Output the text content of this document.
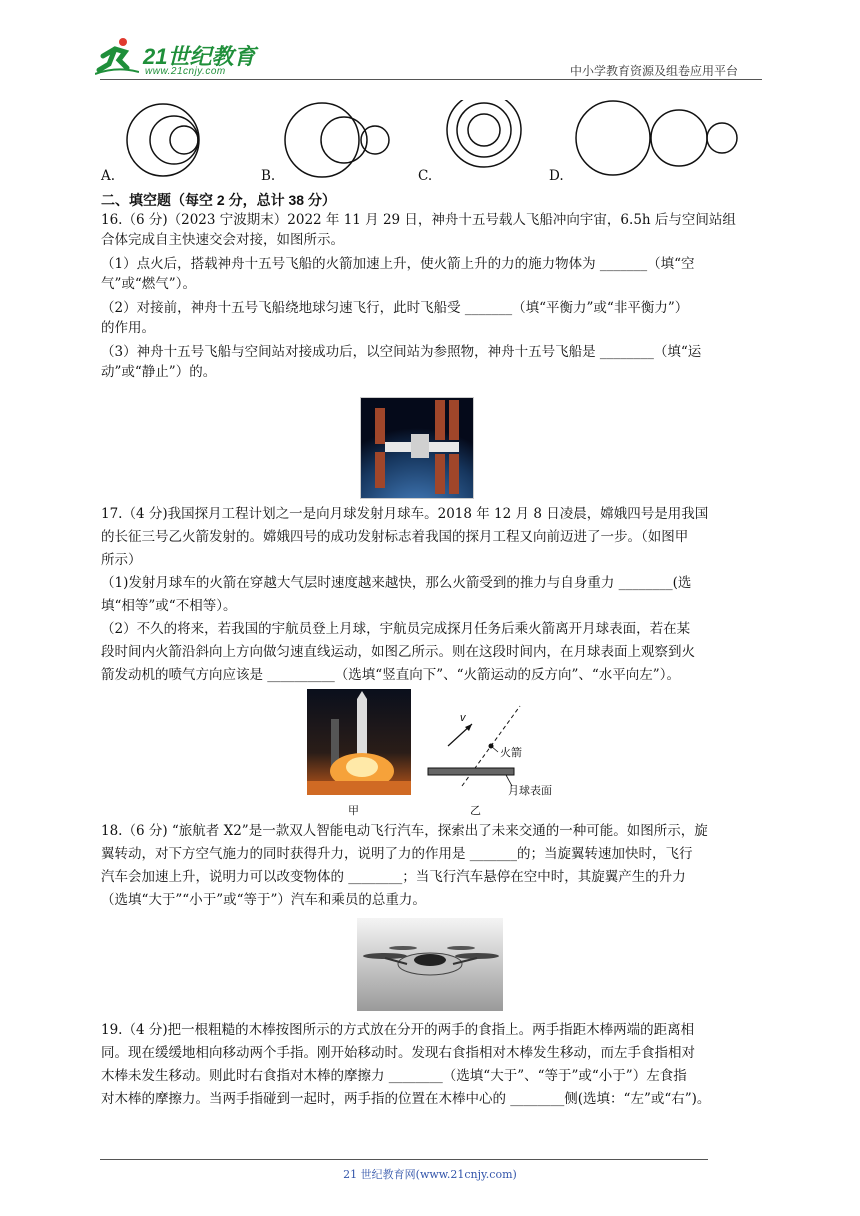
21世纪教育
www.21cnjy.com	中小学教育资源及组卷应用平台
A.	B.	C.	D.
二、填空题（每空 2 分，总计 38 分）
16.（6 分)（2023 宁波期末）2022 年 11 月 29 日，神舟十五号载人飞船冲向宇宙，6.5h 后与空间站组
合体完成自主快速交会对接，如图所示。
（1）点火后，搭载神舟十五号飞船的火箭加速上升，使火箭上升的力的施力物体为 _______（填“空
气”或“燃气”）。
（2）对接前，神舟十五号飞船绕地球匀速飞行，此时飞船受 _______（填“平衡力”或“非平衡力”）
的作用。
（3）神舟十五号飞船与空间站对接成功后，以空间站为参照物，神舟十五号飞船是 ________（填“运
动”或“静止”）的。
17.（4 分)我国探月工程计划之一是向月球发射月球车。2018 年 12 月 8 日凌晨，嫦娥四号是用我国
的长征三号乙火箭发射的。嫦娥四号的成功发射标志着我国的探月工程又向前迈进了一步。（如图甲
所示）
（1)发射月球车的火箭在穿越大气层时速度越来越快，那么火箭受到的推力与自身重力 ________(选
填“相等”或“不相等）。
（2）不久的将来，若我国的宇航员登上月球，宇航员完成探月任务后乘火箭离开月球表面，若在某
段时间内火箭沿斜向上方向做匀速直线运动，如图乙所示。则在这段时间内，在月球表面上观察到火
箭发动机的喷气方向应该是 __________（选填“竖直向下”、“火箭运动的反方向”、“水平向左”）。
甲
v
火箭
月球表面
乙
18.（6 分) “旅航者 X2”是一款双人智能电动飞行汽车，探索出了未来交通的一种可能。如图所示，旋
翼转动，对下方空气施力的同时获得升力，说明了力的作用是 _______的；当旋翼转速加快时，飞行
汽车会加速上升，说明力可以改变物体的 ________；当飞行汽车悬停在空中时，其旋翼产生的升力
（选填“大于”“小于”或“等于”）汽车和乘员的总重力。
19.（4 分)把一根粗糙的木棒按图所示的方式放在分开的两手的食指上。两手指距木棒两端的距离相
同。现在缓缓地相向移动两个手指。刚开始移动时。发现右食指相对木棒发生移动，而左手食指相对
木棒未发生移动。则此时右食指对木棒的摩擦力 ________（选填“大于”、“等于”或“小于”）左食指
对木棒的摩擦力。当两手指碰到一起时，两手指的位置在木棒中心的 ________侧(选填：“左”或“右”)。
21 世纪教育网(www.21cnjy.com)
